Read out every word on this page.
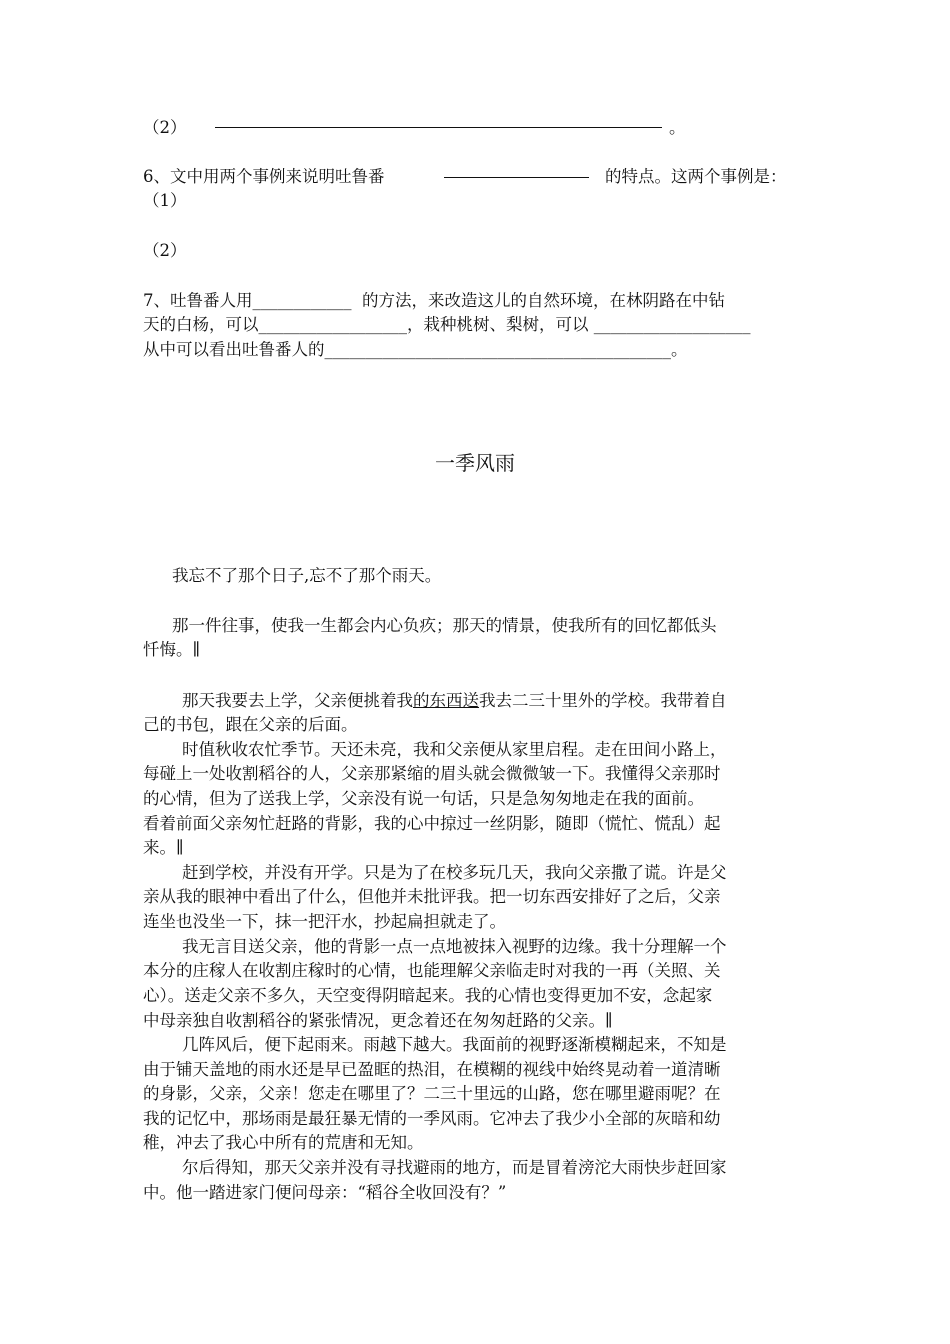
（2）	。
6、文中用两个事例来说明吐鲁番	的特点。这两个事例是：
（1）
（2）
7、吐鲁番人用____________ 的方法，来改造这儿的自然环境，在林阴路在中钻
天的白杨，可以__________________，栽种桃树、梨树，可以 ___________________
从中可以看出吐鲁番人的__________________________________________。
一季风雨
我忘不了那个日子,忘不了那个雨天。
那一件往事，使我一生都会内心负疚；那天的情景，使我所有的回忆都低头
忏悔。∥
那天我要去上学，父亲便挑着我的东西送我去二三十里外的学校。我带着自
己的书包，跟在父亲的后面。
时值秋收农忙季节。天还未亮，我和父亲便从家里启程。走在田间小路上，
每碰上一处收割稻谷的人，父亲那紧缩的眉头就会微微皱一下。我懂得父亲那时
的心情，但为了送我上学，父亲没有说一句话，只是急匆匆地走在我的面前。
看着前面父亲匆忙赶路的背影，我的心中掠过一丝阴影，随即（慌忙、慌乱）起
来。∥
赶到学校，并没有开学。只是为了在校多玩几天，我向父亲撒了谎。许是父
亲从我的眼神中看出了什么，但他并未批评我。把一切东西安排好了之后，父亲
连坐也没坐一下，抹一把汗水，抄起扁担就走了。
我无言目送父亲，他的背影一点一点地被抹入视野的边缘。我十分理解一个
本分的庄稼人在收割庄稼时的心情，也能理解父亲临走时对我的一再（关照、关
心）。送走父亲不多久，天空变得阴暗起来。我的心情也变得更加不安，念起家
中母亲独自收割稻谷的紧张情况，更念着还在匆匆赶路的父亲。∥
几阵风后，便下起雨来。雨越下越大。我面前的视野逐渐模糊起来，不知是
由于铺天盖地的雨水还是早已盈眶的热泪，在模糊的视线中始终晃动着一道清晰
的身影，父亲，父亲！您走在哪里了？二三十里远的山路，您在哪里避雨呢？在
我的记忆中，那场雨是最狂暴无情的一季风雨。它冲去了我少小全部的灰暗和幼
稚，冲去了我心中所有的荒唐和无知。
尔后得知，那天父亲并没有寻找避雨的地方，而是冒着滂沱大雨快步赶回家
中。他一踏进家门便问母亲：“稻谷全收回没有？”
